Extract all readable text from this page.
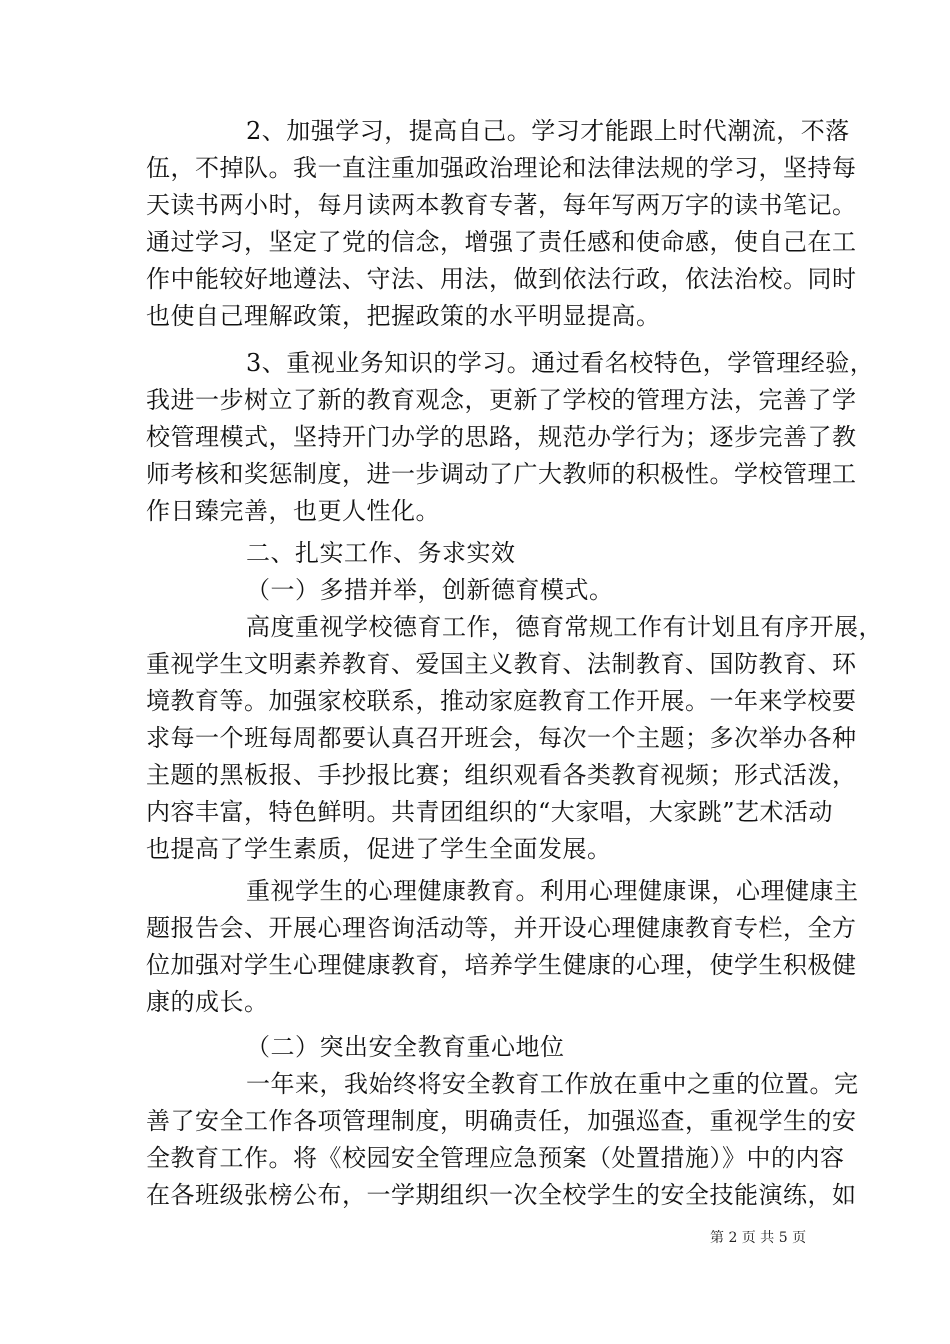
2、加强学习，提高自己。学习才能跟上时代潮流，不落
伍，不掉队。我一直注重加强政治理论和法律法规的学习，坚持每
天读书两小时，每月读两本教育专著，每年写两万字的读书笔记。
通过学习，坚定了党的信念，增强了责任感和使命感，使自己在工
作中能较好地遵法、守法、用法，做到依法行政，依法治校。同时
也使自己理解政策，把握政策的水平明显提高。
3、重视业务知识的学习。通过看名校特色，学管理经验，
我进一步树立了新的教育观念，更新了学校的管理方法，完善了学
校管理模式，坚持开门办学的思路，规范办学行为；逐步完善了教
师考核和奖惩制度，进一步调动了广大教师的积极性。学校管理工
作日臻完善，也更人性化。
二、扎实工作、务求实效
（一）多措并举，创新德育模式。
高度重视学校德育工作，德育常规工作有计划且有序开展，
重视学生文明素养教育、爱国主义教育、法制教育、国防教育、环
境教育等。加强家校联系，推动家庭教育工作开展。一年来学校要
求每一个班每周都要认真召开班会，每次一个主题；多次举办各种
主题的黑板报、手抄报比赛；组织观看各类教育视频；形式活泼，
内容丰富，特色鲜明。共青团组织的“大家唱，大家跳”艺术活动
也提高了学生素质，促进了学生全面发展。
重视学生的心理健康教育。利用心理健康课，心理健康主
题报告会、开展心理咨询活动等，并开设心理健康教育专栏，全方
位加强对学生心理健康教育，培养学生健康的心理，使学生积极健
康的成长。
（二）突出安全教育重心地位
一年来，我始终将安全教育工作放在重中之重的位置。完
善了安全工作各项管理制度，明确责任，加强巡查，重视学生的安
全教育工作。将《校园安全管理应急预案（处置措施）》中的内容
在各班级张榜公布，一学期组织一次全校学生的安全技能演练，如
第 2 页 共 5 页
